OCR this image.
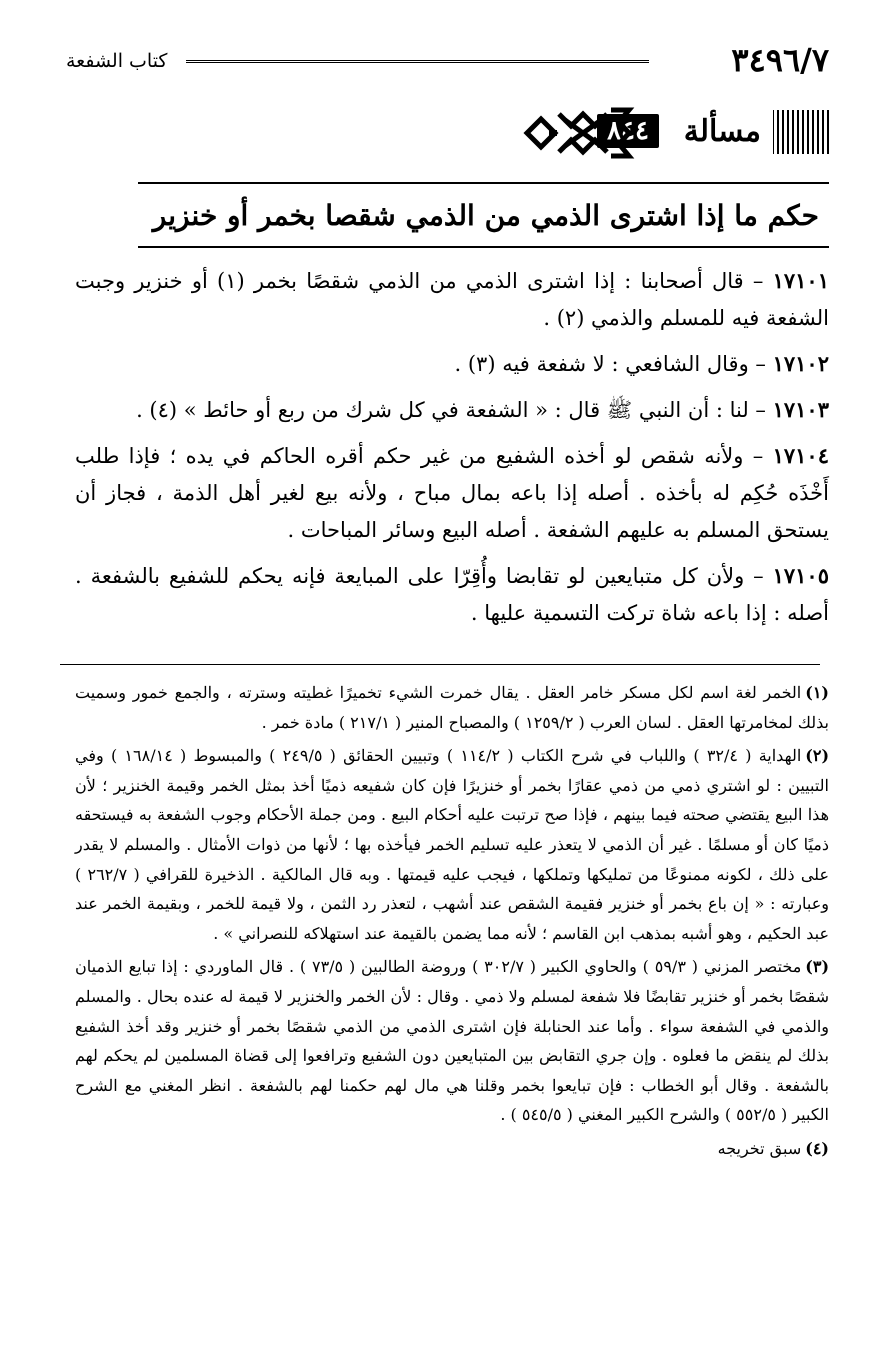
٣٤٩٦/٧
كتاب الشفعة
مسألة
٨٤٤
حكم ما إذا اشترى الذمي من الذمي شقصا بخمر أو خنزير

١٧١٠١ – قال أصحابنا : إذا اشترى الذمي من الذمي شقصًا بخمر (١) أو خنزير وجبت الشفعة فيه للمسلم والذمي (٢) .

١٧١٠٢ – وقال الشافعي : لا شفعة فيه (٣) .

١٧١٠٣ – لنا : أن النبي ﷺ قال : « الشفعة في كل شرك من ربع أو حائط » (٤) .

١٧١٠٤ – ولأنه شقص لو أخذه الشفيع من غير حكم أقره الحاكم في يده ؛ فإذا طلب أَخْذَه حُكِم له بأخذه . أصله إذا باعه بمال مباح ، ولأنه بيع لغير أهل الذمة ، فجاز أن يستحق المسلم به عليهم الشفعة . أصله البيع وسائر المباحات .

١٧١٠٥ – ولأن كل متبايعين لو تقابضا وأُقِرّا على المبايعة فإنه يحكم للشفيع بالشفعة . أصله : إذا باعه شاة تركت التسمية عليها .

(١)الخمر لغة اسم لكل مسكر خامر العقل . يقال خمرت الشيء تخميرًا غطيته وسترته ، والجمع خمور وسميت بذلك لمخامرتها العقل . لسان العرب ( ١٢٥٩/٢ ) والمصباح المنير ( ٢١٧/١ ) مادة خمر .

(٢)الهداية ( ٣٢/٤ ) واللباب في شرح الكتاب ( ١١٤/٢ ) وتبيين الحقائق ( ٢٤٩/٥ ) والمبسوط ( ١٦٨/١٤ ) وفي التبيين : لو اشتري ذمي من ذمي عقارًا بخمر أو خنزيرًا فإن كان شفيعه ذميًا أخذ بمثل الخمر وقيمة الخنزير ؛ لأن هذا البيع يقتضي صحته فيما بينهم ، فإذا صح ترتبت عليه أحكام البيع . ومن جملة الأحكام وجوب الشفعة به فيستحقه ذميًا كان أو مسلمًا . غير أن الذمي لا يتعذر عليه تسليم الخمر فيأخذه بها ؛ لأنها من ذوات الأمثال . والمسلم لا يقدر على ذلك ، لكونه ممنوعًا من تمليكها وتملكها ، فيجب عليه قيمتها . وبه قال المالكية . الذخيرة للقرافي ( ٢٦٢/٧ ) وعبارته : « إن باع بخمر أو خنزير فقيمة الشقص عند أشهب ، لتعذر رد الثمن ، ولا قيمة للخمر ، وبقيمة الخمر عند عبد الحكيم ، وهو أشبه بمذهب ابن القاسم ؛ لأنه مما يضمن بالقيمة عند استهلاكه للنصراني » .

(٣)مختصر المزني ( ٥٩/٣ ) والحاوي الكبير ( ٣٠٢/٧ ) وروضة الطالبين ( ٧٣/٥ ) . قال الماوردي : إذا تبايع الذميان شقصًا بخمر أو خنزير تقابضًا فلا شفعة لمسلم ولا ذمي . وقال : لأن الخمر والخنزير لا قيمة له عنده بحال . والمسلم والذمي في الشفعة سواء . وأما عند الحنابلة فإن اشترى الذمي من الذمي شقصًا بخمر أو خنزير وقد أخذ الشفيع بذلك لم ينقض ما فعلوه . وإن جري التقابض بين المتبايعين دون الشفيع وترافعوا إلى قضاة المسلمين لم يحكم لهم بالشفعة . وقال أبو الخطاب : فإن تبايعوا بخمر وقلنا هي مال لهم حكمنا لهم بالشفعة . انظر المغني مع الشرح الكبير ( ٥٥٢/٥ ) والشرح الكبير المغني ( ٥٤٥/٥ ) .

(٤)سبق تخريجه
